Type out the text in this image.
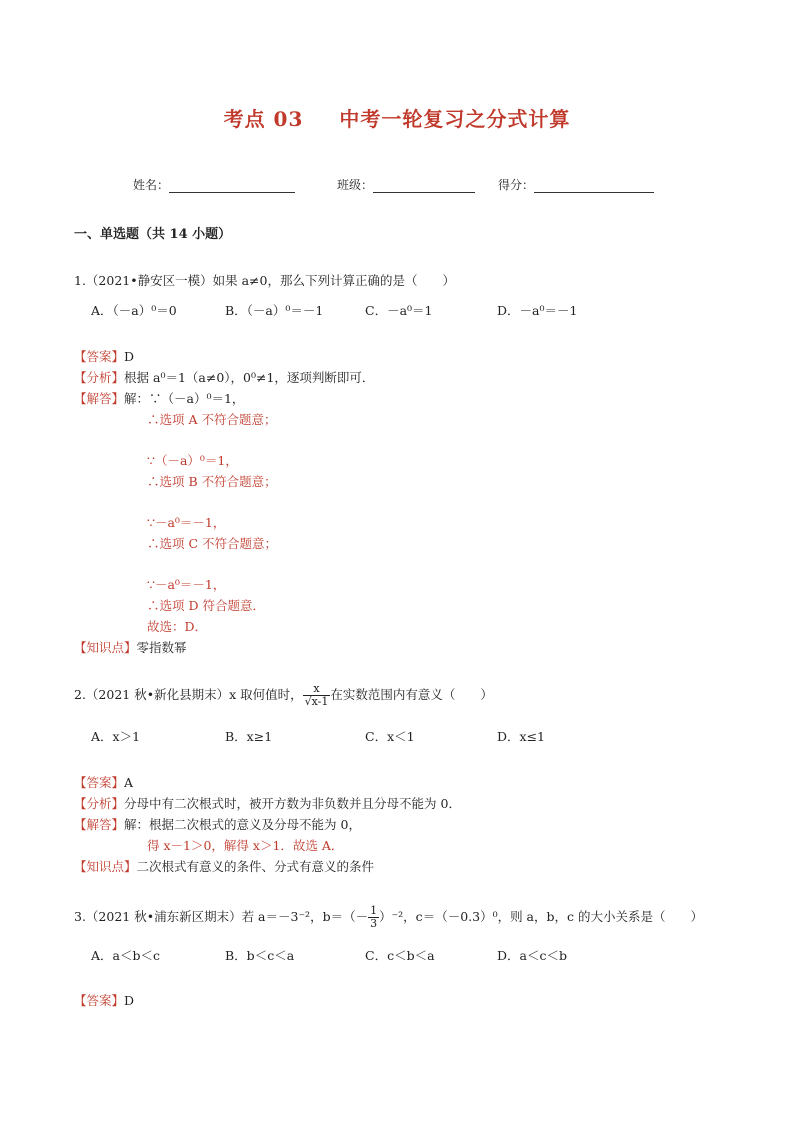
考点 03 中考一轮复习之分式计算
姓名：	班级：	得分：
一、单选题（共 14 小题）
1.（2021•静安区一模）如果 a≠0，那么下列计算正确的是（　　）
A．（－a）⁰＝0	B．（－a）⁰＝－1	C．－a⁰＝1	D．－a⁰＝－1
【答案】D
【分析】根据 a⁰＝1（a≠0），0⁰≠1，逐项判断即可．
【解答】解：∵（－a）⁰＝1，
∴选项 A 不符合题意；
∵（－a）⁰＝1，
∴选项 B 不符合题意；
∵－a⁰＝－1，
∴选项 C 不符合题意；
∵－a⁰＝－1，
∴选项 D 符合题意．
故选：D．
【知识点】零指数幂
2.（2021 秋•新化县期末）x 取何值时， $\frac{x}{√x-1}$ 在实数范围内有意义（　　）
A．x＞1	B．x≥1	C．x＜1	D．x≤1
【答案】A
【分析】分母中有二次根式时，被开方数为非负数并且分母不能为 0．
【解答】解：根据二次根式的意义及分母不能为 0，
得 x－1＞0，解得 x＞1．故选 A．
【知识点】二次根式有意义的条件、分式有意义的条件
3.（2021 秋•浦东新区期末）若 a＝－3⁻²，$b=(- \frac{1}{3} )^{-2}$，c＝（－0.3）⁰，则 a，b，c 的大小关系是（　　）
A．a＜b＜c	B．b＜c＜a	C．c＜b＜a	D．a＜c＜b
【答案】D
